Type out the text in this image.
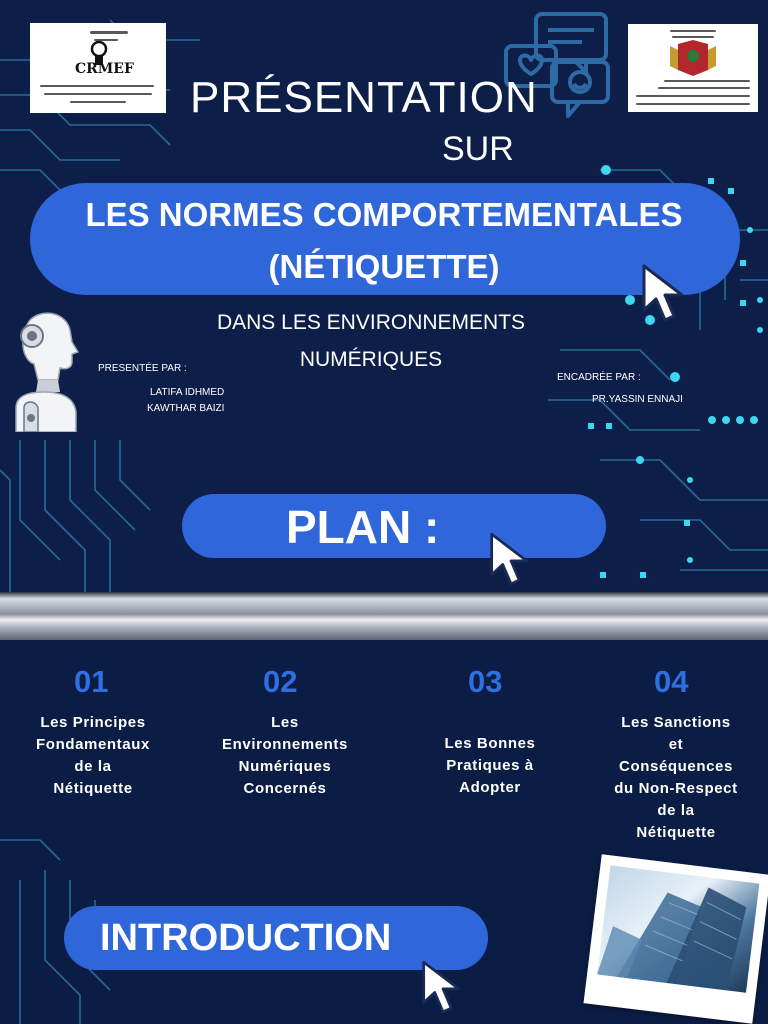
CRMEF
PRÉSENTATION
SUR
LES NORMES COMPORTEMENTALES
(NÉTIQUETTE)
DANS LES ENVIRONNEMENTS
NUMÉRIQUES
PRESENTÉE PAR :
LATIFA IDHMED
KAWTHAR BAIZI
ENCADRÉE PAR :
PR.YASSIN ENNAJI
PLAN :
01
Les Principes
Fondamentaux
de la
Nétiquette
02
Les
Environnements
Numériques
Concernés
03
Les Bonnes
Pratiques à
Adopter
04
Les Sanctions
et
Conséquences
du Non-Respect
de la
Nétiquette
INTRODUCTION
